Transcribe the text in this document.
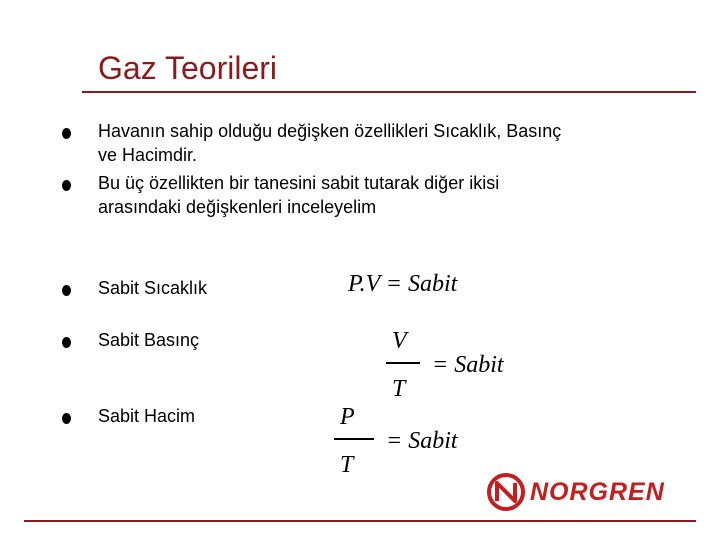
Gaz Teorileri
Havanın sahip olduğu değişken özellikleri Sıcaklık, Basınç
ve Hacimdir.
Bu üç özellikten bir tanesini sabit tutarak diğer ikisi
arasındaki değişkenleri inceleyelim
Sabit Sıcaklık
Sabit Basınç
Sabit Hacim
P.V = Sabit
V
T
= Sabit
P
T
= Sabit
NORGREN
